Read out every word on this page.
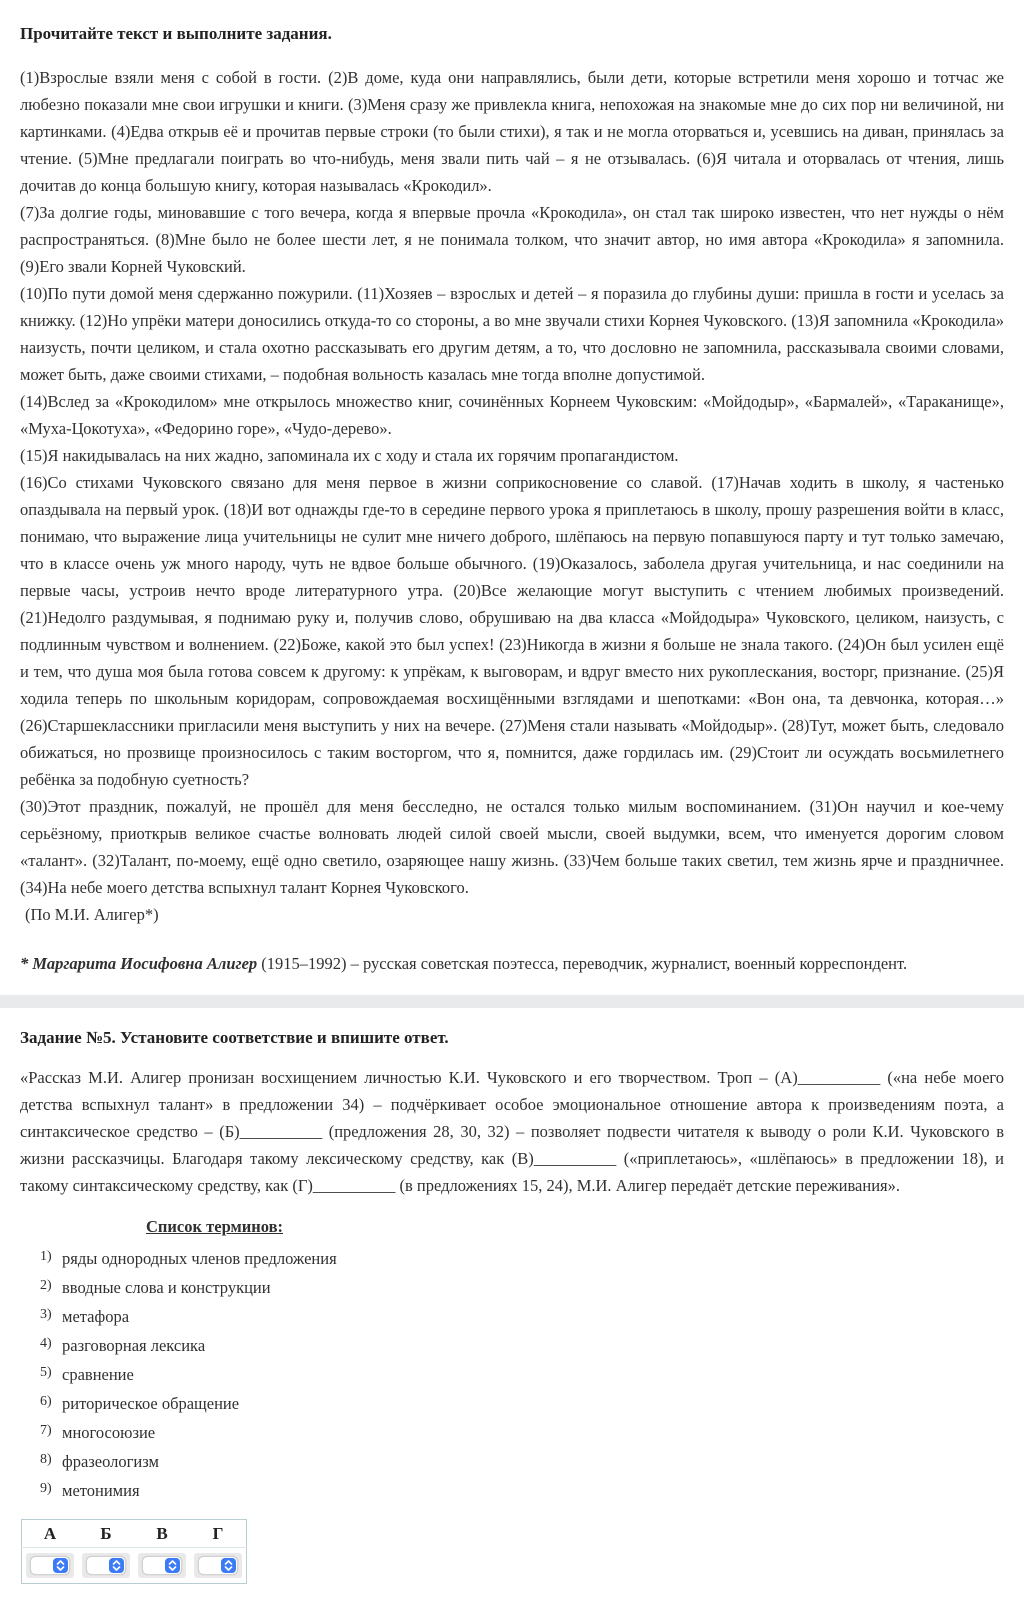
Прочитайте текст и выполните задания.

(1)Взрослые взяли меня с собой в гости. (2)В доме, куда они направлялись, были дети, которые встретили меня хорошо и тотчас же любезно показали мне свои игрушки и книги. (3)Меня сразу же привлекла книга, непохожая на знакомые мне до сих пор ни величиной, ни картинками. (4)Едва открыв её и прочитав первые строки (то были стихи), я так и не могла оторваться и, усевшись на диван, принялась за чтение. (5)Мне предлагали поиграть во что-нибудь, меня звали пить чай – я не отзывалась. (6)Я читала и оторвалась от чтения, лишь дочитав до конца большую книгу, которая называлась «Крокодил».

(7)За долгие годы, миновавшие с того вечера, когда я впервые прочла «Крокодила», он стал так широко известен, что нет нужды о нём распространяться. (8)Мне было не более шести лет, я не понимала толком, что значит автор, но имя автора «Крокодила» я запомнила. (9)Его звали Корней Чуковский.

(10)По пути домой меня сдержанно пожурили. (11)Хозяев – взрослых и детей – я поразила до глубины души: пришла в гости и уселась за книжку. (12)Но упрёки матери доносились откуда-то со стороны, а во мне звучали стихи Корнея Чуковского. (13)Я запомнила «Крокодила» наизусть, почти целиком, и стала охотно рассказывать его другим детям, а то, что дословно не запомнила, рассказывала своими словами, может быть, даже своими стихами, – подобная вольность казалась мне тогда вполне допустимой.

(14)Вслед за «Крокодилом» мне открылось множество книг, сочинённых Корнеем Чуковским: «Мойдодыр», «Бармалей», «Тараканище», «Муха-Цокотуха», «Федорино горе», «Чудо-дерево».

(15)Я накидывалась на них жадно, запоминала их с ходу и стала их горячим пропагандистом.

(16)Со стихами Чуковского связано для меня первое в жизни соприкосновение со славой. (17)Начав ходить в школу, я частенько опаздывала на первый урок. (18)И вот однажды где-то в середине первого урока я приплетаюсь в школу, прошу разрешения войти в класс, понимаю, что выражение лица учительницы не сулит мне ничего доброго, шлёпаюсь на первую попавшуюся парту и тут только замечаю, что в классе очень уж много народу, чуть не вдвое больше обычного. (19)Оказалось, заболела другая учительница, и нас соединили на первые часы, устроив нечто вроде литературного утра. (20)Все желающие могут выступить с чтением любимых произведений. (21)Недолго раздумывая, я поднимаю руку и, получив слово, обрушиваю на два класса «Мойдодыра» Чуковского, целиком, наизусть, с подлинным чувством и волнением. (22)Боже, какой это был успех! (23)Никогда в жизни я больше не знала такого. (24)Он был усилен ещё и тем, что душа моя была готова совсем к другому: к упрёкам, к выговорам, и вдруг вместо них рукоплескания, восторг, признание. (25)Я ходила теперь по школьным коридорам, сопровождаемая восхищёнными взглядами и шепотками: «Вон она, та девчонка, которая…» (26)Старшеклассники пригласили меня выступить у них на вечере. (27)Меня стали называть «Мойдодыр». (28)Тут, может быть, следовало обижаться, но прозвище произносилось с таким восторгом, что я, помнится, даже гордилась им. (29)Стоит ли осуждать восьмилетнего ребёнка за подобную суетность?

(30)Этот праздник, пожалуй, не прошёл для меня бесследно, не остался только милым воспоминанием. (31)Он научил и кое-чему серьёзному, приоткрыв великое счастье волновать людей силой своей мысли, своей выдумки, всем, что именуется дорогим словом «талант». (32)Талант, по-моему, ещё одно светило, озаряющее нашу жизнь. (33)Чем больше таких светил, тем жизнь ярче и праздничнее. (34)На небе моего детства вспыхнул талант Корнея Чуковского.

(По М.И. Алигер*)

* Маргарита Иосифовна Алигер (1915–1992) – русская советская поэтесса, переводчик, журналист, военный корреспондент.

Задание №5. Установите соответствие и впишите ответ.

«Рассказ М.И. Алигер пронизан восхищением личностью К.И. Чуковского и его творчеством. Троп – (А)__________ («на небе моего детства вспыхнул талант» в предложении 34) – подчёркивает особое эмоциональное отношение автора к произведениям поэта, а синтаксическое средство – (Б)__________ (предложения 28, 30, 32) – позволяет подвести читателя к выводу о роли К.И. Чуковского в жизни рассказчицы. Благодаря такому лексическому средству, как (В)__________ («приплетаюсь», «шлёпаюсь» в предложении 18), и такому синтаксическому средству, как (Г)__________ (в предложениях 15, 24), М.И. Алигер передаёт детские переживания».

Список терминов:
1) ряды однородных членов предложения
2) вводные слова и конструкции
3) метафора
4) разговорная лексика
5) сравнение
6) риторическое обращение
7) многосоюзие
8) фразеологизм
9) метонимия
А	Б	В	Г
